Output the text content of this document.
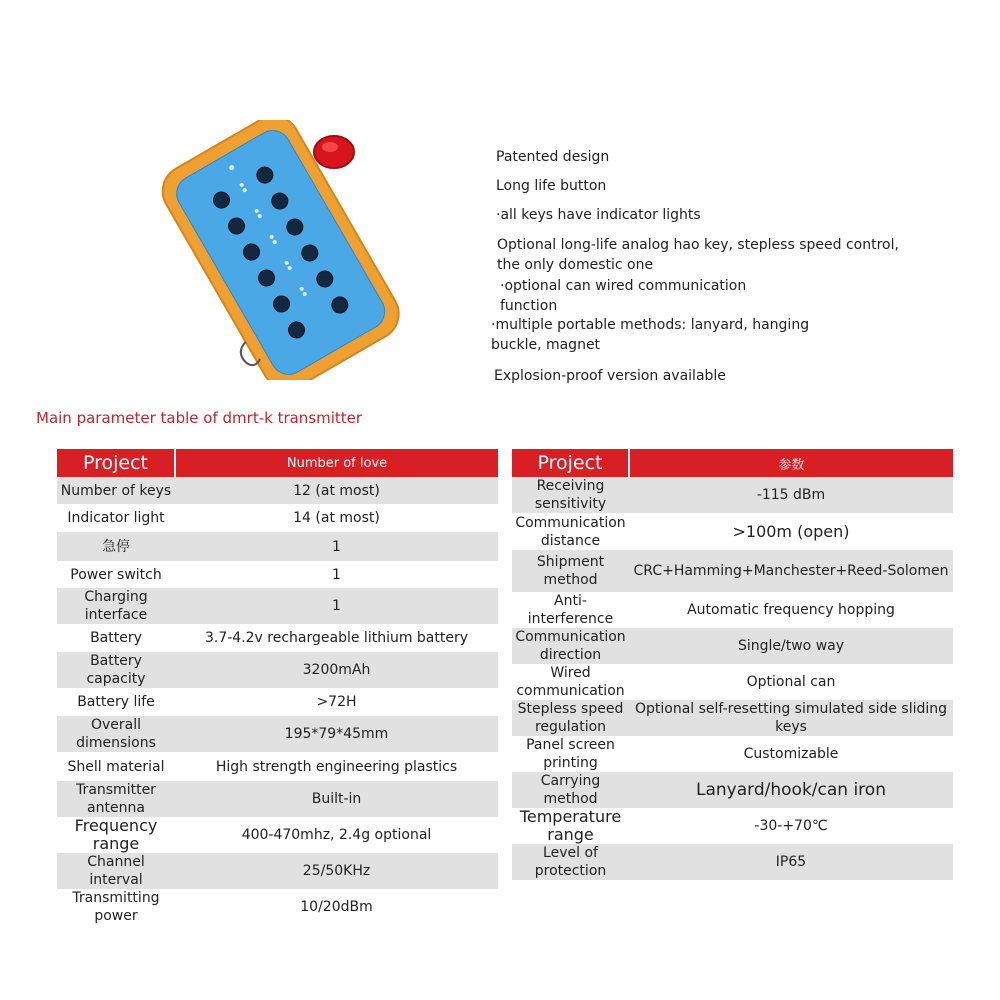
Patented design
Long life button
·all keys have indicator lights
Optional long-life analog hao key, stepless speed control,
the only domestic one
·optional can wired communication
function
·multiple portable methods: lanyard, hanging
buckle, magnet
Explosion-proof version available
Main parameter table of dmrt-k transmitter
Project	Number of love
Number of keys	12 (at most)
Indicator light	14 (at most)
急停	1
Power switch	1
Charging interface	1
Battery	3.7-4.2v rechargeable lithium battery
Battery capacity	3200mAh
Battery life	>72H
Overall dimensions	195*79*45mm
Shell material	High strength engineering plastics
Transmitter antenna	Built-in
Frequency range	400-470mhz, 2.4g optional
Channel interval	25/50KHz
Transmitting power	10/20dBm
Project	参数
Receiving sensitivity	-115 dBm
Communication distance	>100m (open)
Shipment method	CRC+Hamming+Manchester+Reed-Solomen
Anti-interference	Automatic frequency hopping
Communication direction	Single/two way
Wired communication	Optional can
Stepless speed regulation	Optional self-resetting simulated side sliding keys
Panel screen printing	Customizable
Carrying method	Lanyard/hook/can iron
Temperature range	-30-+70℃
Level of protection	IP65
